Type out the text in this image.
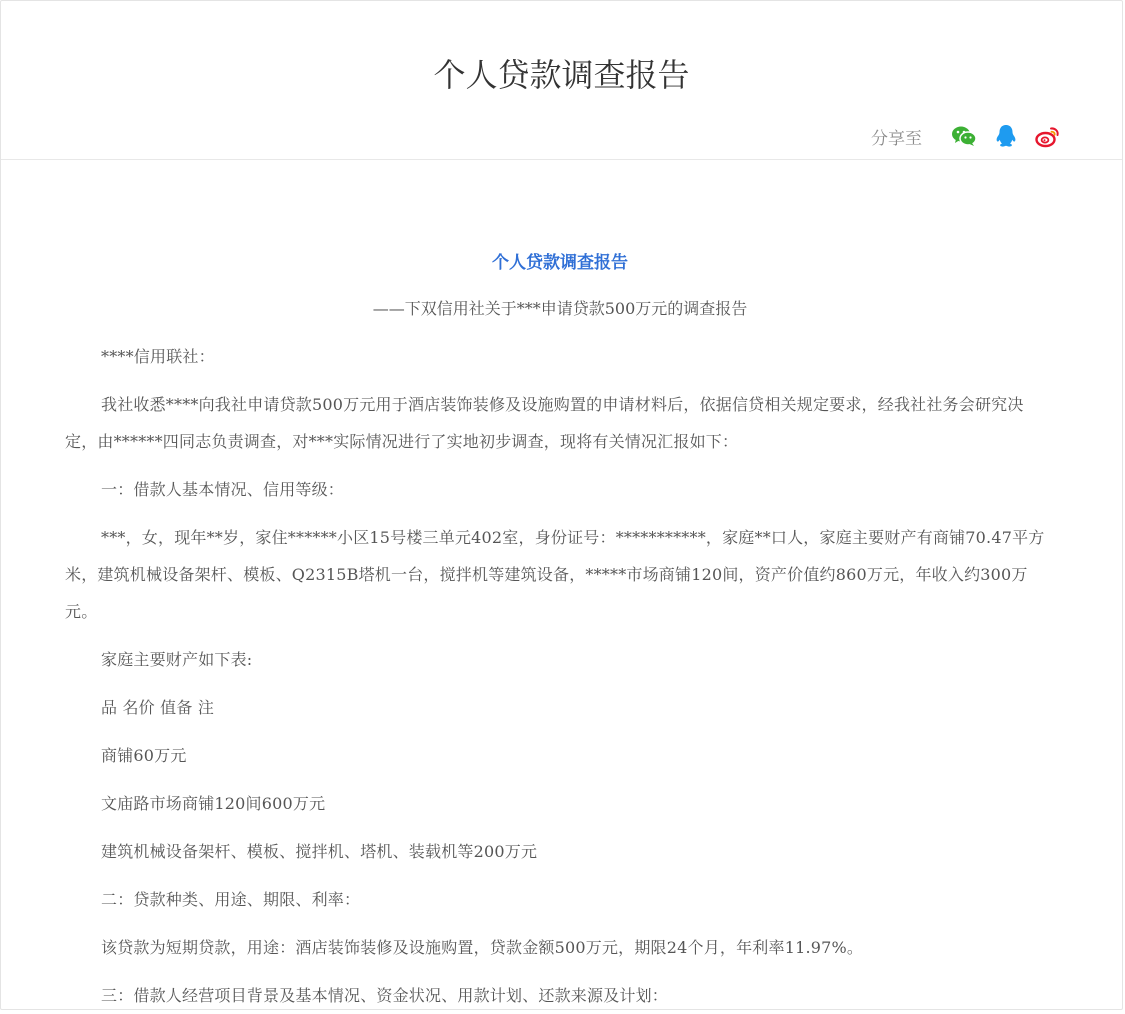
个人贷款调查报告
分享至
个人贷款调查报告

——下双信用社关于***申请贷款500万元的调查报告

****信用联社：

我社收悉****向我社申请贷款500万元用于酒店装饰装修及设施购置的申请材料后，依据信贷相关规定要求，经我社社务会研究决定，由******四同志负责调查，对***实际情况进行了实地初步调查，现将有关情况汇报如下：

一：借款人基本情况、信用等级：

***，女，现年**岁，家住******小区15号楼三单元402室，身份证号：***********，家庭**口人，家庭主要财产有商铺70.47平方米，建筑机械设备架杆、模板、Q2315B塔机一台，搅拌机等建筑设备，*****市场商铺120间，资产价值约860万元，年收入约300万元。

家庭主要财产如下表:

品 名价 值备 注

商铺60万元

文庙路市场商铺120间600万元

建筑机械设备架杆、模板、搅拌机、塔机、装载机等200万元

二：贷款种类、用途、期限、利率：

该贷款为短期贷款，用途：酒店装饰装修及设施购置，贷款金额500万元，期限24个月，年利率11.97%。

三：借款人经营项目背景及基本情况、资金状况、用款计划、还款来源及计划：
